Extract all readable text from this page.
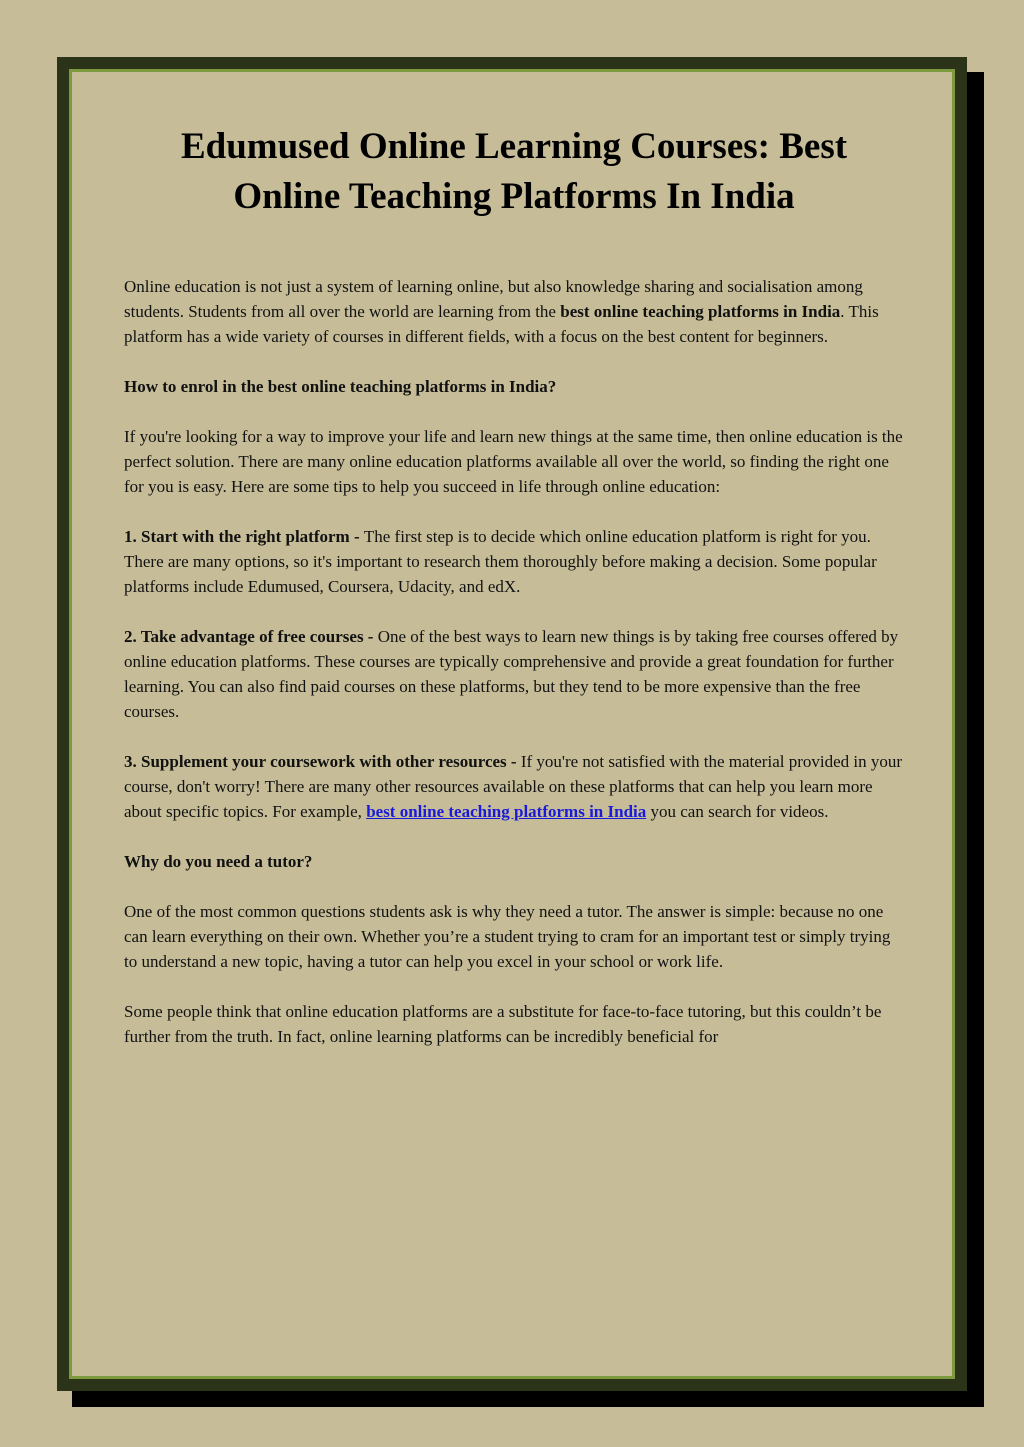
Edumused Online Learning Courses: Best
Online Teaching Platforms In India

Online education is not just a system of learning online, but also knowledge sharing and socialisation among students. Students from all over the world are learning from the best online teaching platforms in India. This platform has a wide variety of courses in different fields, with a focus on the best content for beginners.

How to enrol in the best online teaching platforms in India?

If you're looking for a way to improve your life and learn new things at the same time, then online education is the perfect solution. There are many online education platforms available all over the world, so finding the right one for you is easy. Here are some tips to help you succeed in life through online education:

1. Start with the right platform - The first step is to decide which online education platform is right for you. There are many options, so it's important to research them thoroughly before making a decision. Some popular platforms include Edumused, Coursera, Udacity, and edX.

2. Take advantage of free courses - One of the best ways to learn new things is by taking free courses offered by online education platforms. These courses are typically comprehensive and provide a great foundation for further learning. You can also find paid courses on these platforms, but they tend to be more expensive than the free courses.

3. Supplement your coursework with other resources - If you're not satisfied with the material provided in your course, don't worry! There are many other resources available on these platforms that can help you learn more about specific topics. For example, best online teaching platforms in India you can search for videos.

Why do you need a tutor?

One of the most common questions students ask is why they need a tutor. The answer is simple: because no one can learn everything on their own. Whether you’re a student trying to cram for an important test or simply trying to understand a new topic, having a tutor can help you excel in your school or work life.

Some people think that online education platforms are a substitute for face-to-face tutoring, but this couldn’t be further from the truth. In fact, online learning platforms can be incredibly beneficial for
